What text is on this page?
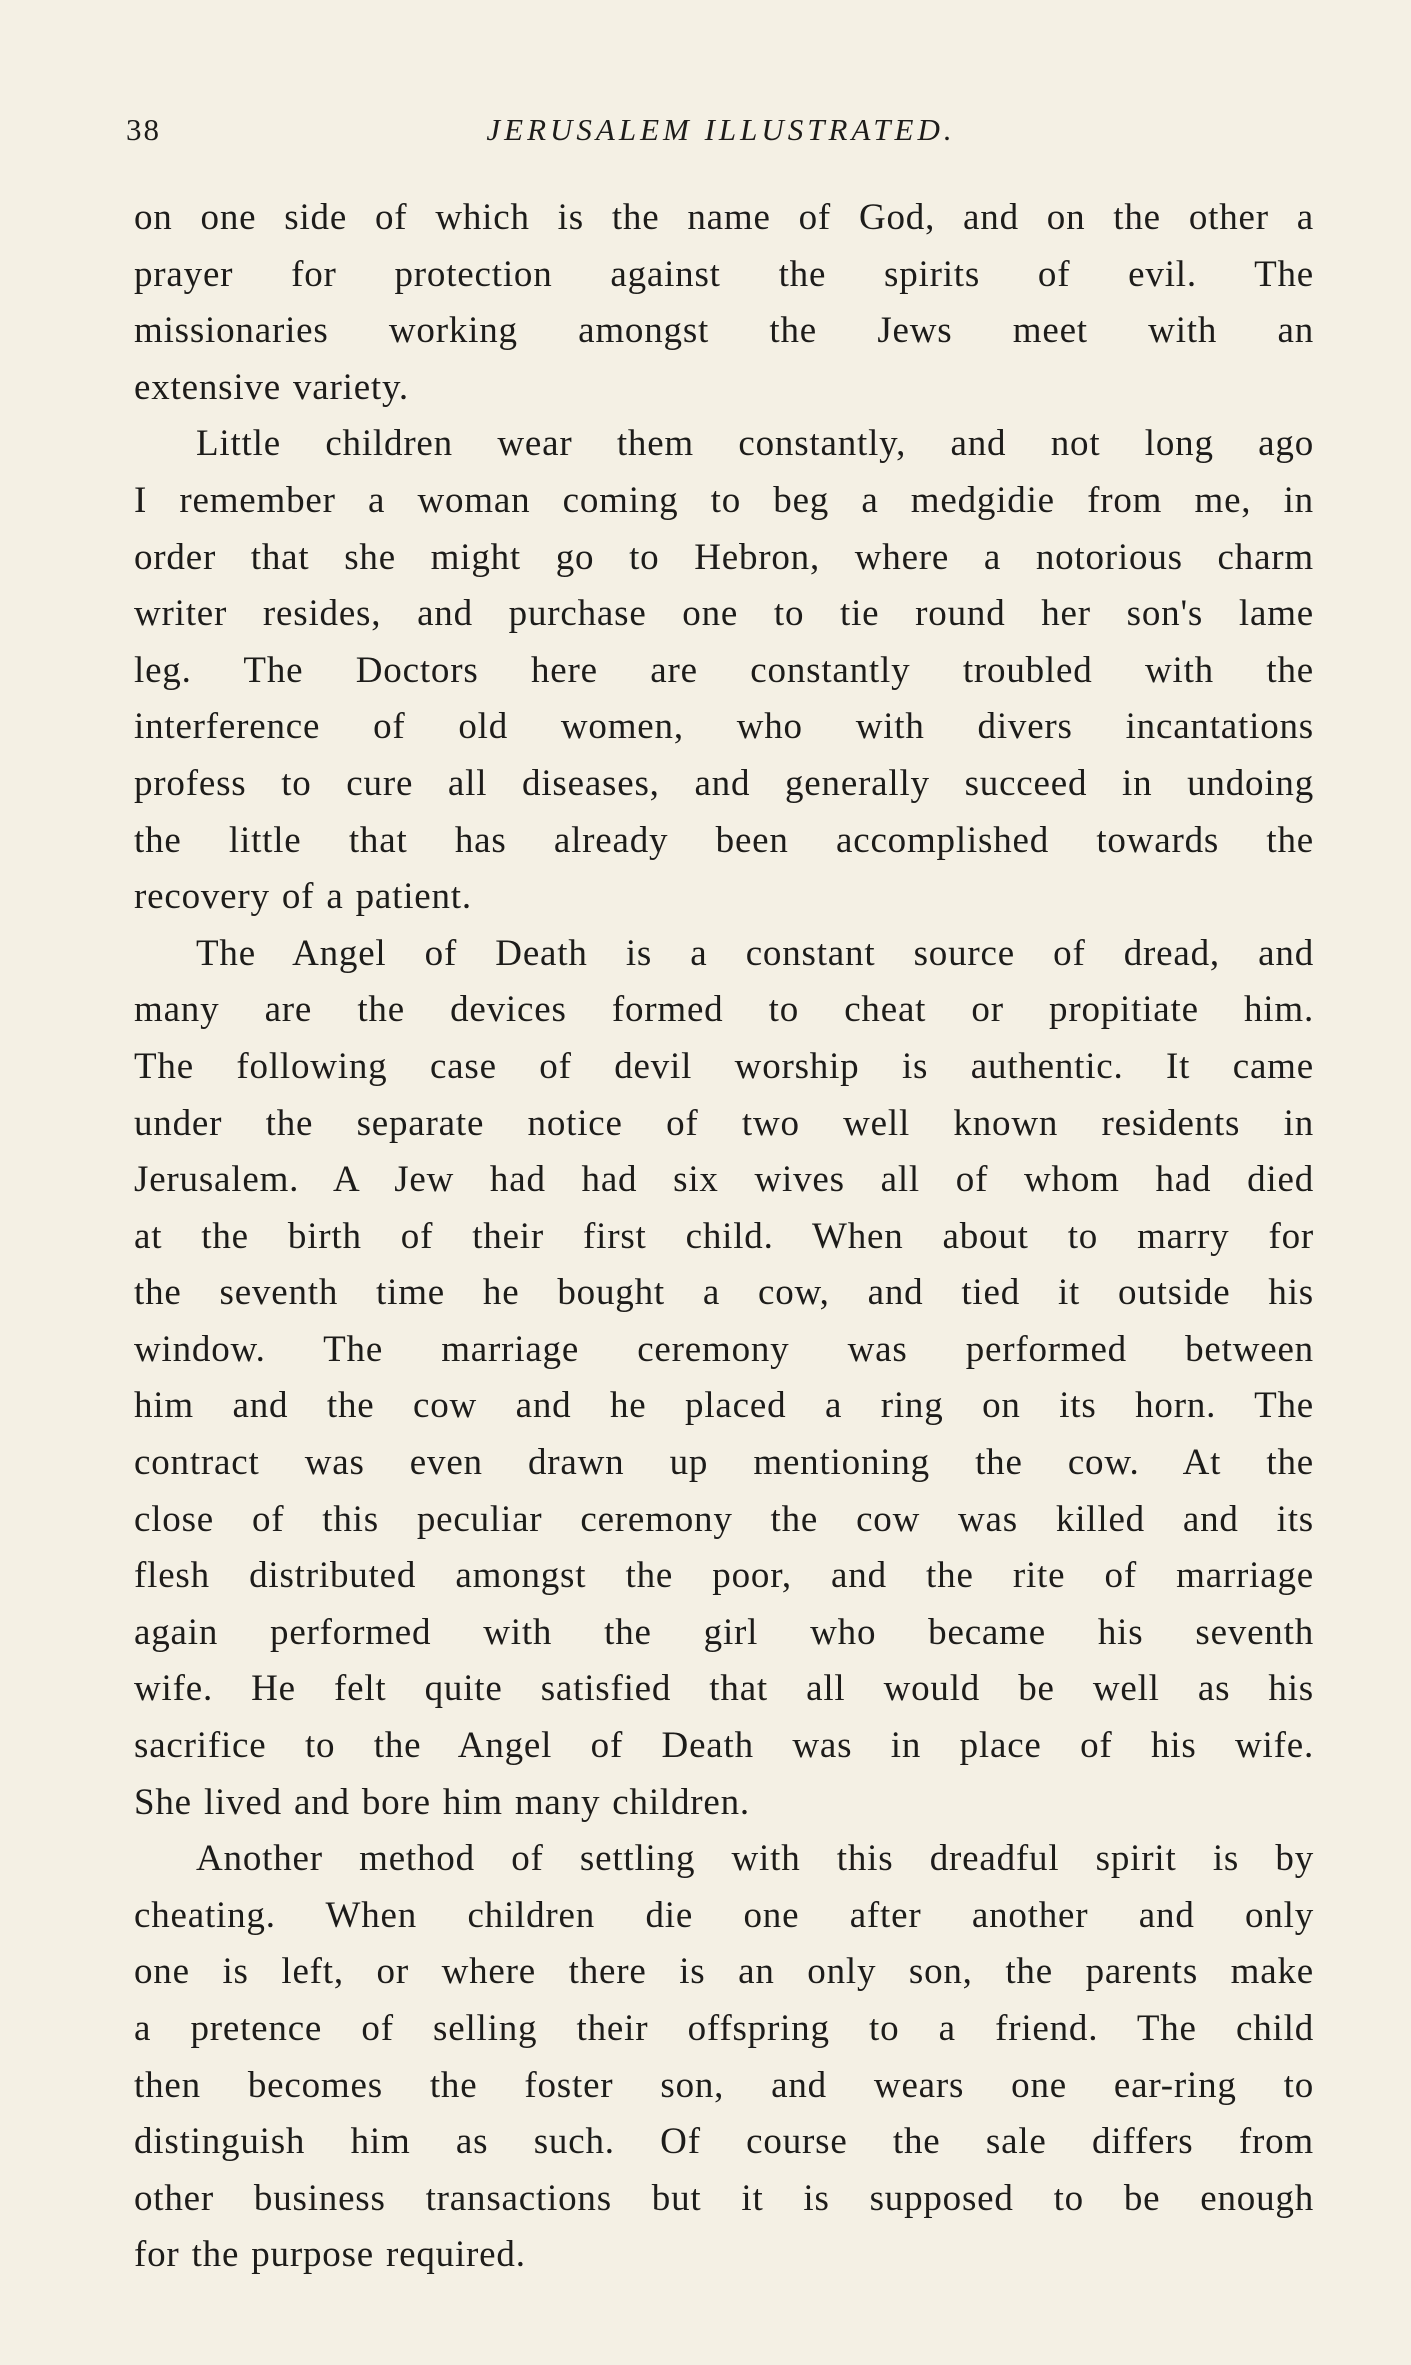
38	JERUSALEM ILLUSTRATED.
on one side of which is the name of God, and on the other a
prayer for protection against the spirits of evil. The
missionaries working amongst the Jews meet with an
extensive variety.
Little children wear them constantly, and not long ago
I remember a woman coming to beg a medgidie from me, in
order that she might go to Hebron, where a notorious charm
writer resides, and purchase one to tie round her son's lame
leg. The Doctors here are constantly troubled with the
interference of old women, who with divers incantations
profess to cure all diseases, and generally succeed in undoing
the little that has already been accomplished towards the
recovery of a patient.
The Angel of Death is a constant source of dread, and
many are the devices formed to cheat or propitiate him.
The following case of devil worship is authentic. It came
under the separate notice of two well known residents in
Jerusalem. A Jew had had six wives all of whom had died
at the birth of their first child. When about to marry for
the seventh time he bought a cow, and tied it outside his
window. The marriage ceremony was performed between
him and the cow and he placed a ring on its horn. The
contract was even drawn up mentioning the cow. At the
close of this peculiar ceremony the cow was killed and its
flesh distributed amongst the poor, and the rite of marriage
again performed with the girl who became his seventh
wife. He felt quite satisfied that all would be well as his
sacrifice to the Angel of Death was in place of his wife.
She lived and bore him many children.
Another method of settling with this dreadful spirit is by
cheating. When children die one after another and only
one is left, or where there is an only son, the parents make
a pretence of selling their offspring to a friend. The child
then becomes the foster son, and wears one ear-ring to
distinguish him as such. Of course the sale differs from
other business transactions but it is supposed to be enough
for the purpose required.
